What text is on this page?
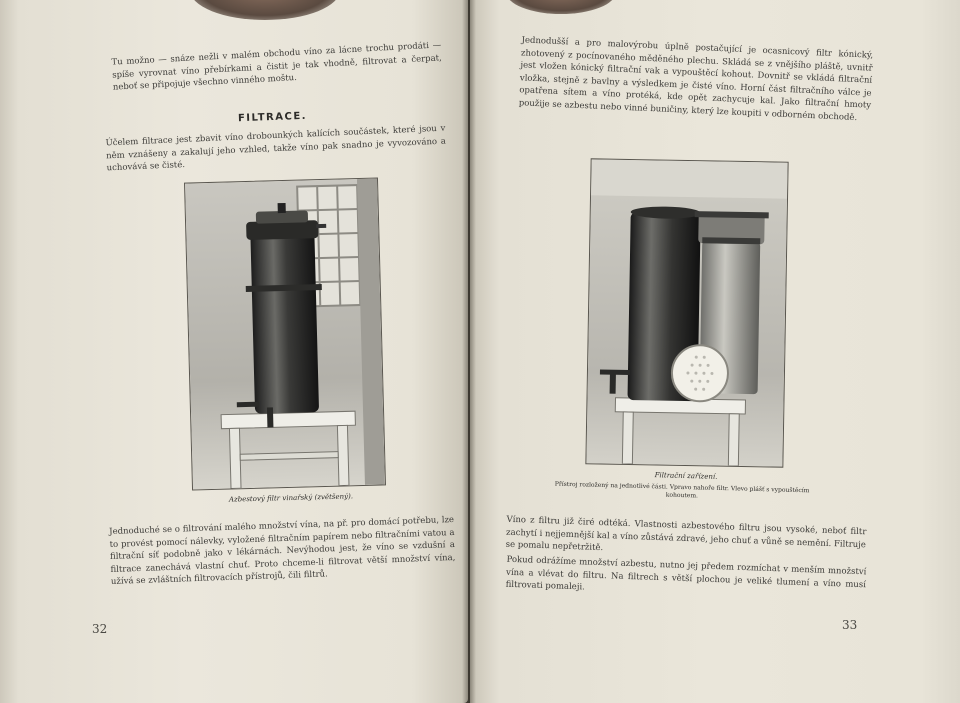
Tu možno — snáze nežli v malém obchodu víno za lácne trochu prodáti — spíše vyrovnat víno přebírkami a čistit je tak vhodně, filtrovat a čerpat, neboť se připojuje všechno vinného moštu.

FILTRACE.

Účelem filtrace jest zbavit víno drobounkých kalících součástek, které jsou v něm vznášeny a zakalují jeho vzhled, takže víno pak snadno je vyvozováno a uchovává se čisté.

Azbestový filtr vinařský (zvětšený).

Jednoduché se o filtrování malého množství vína, na př. pro domácí potřebu, lze to provést pomocí nálevky, vyložené filtračním papírem nebo filtračními vatou a filtrační síť podobně jako v lékárnách. Nevýhodou jest, že víno se vzdušní a filtrace zanechává vlastní chuť. Proto chceme-li filtrovat větší množství vína, užívá se zvláštních filtrovacích přístrojů, čili filtrů.

32

Jednodušší a pro malovýrobu úplně postačující je ocasnicový filtr kónický, zhotovený z pocínovaného měděného plechu. Skládá se z vnějšího pláště, uvnitř jest vložen kónický filtrační vak a vypouštěcí kohout. Dovnitř se vkládá filtrační vložka, stejně z bavlny a výsledkem je čisté víno. Horní část filtračního válce je opatřena sítem a víno protéká, kde opět zachycuje kal. Jako filtrační hmoty použije se azbestu nebo vinné buničiny, který lze koupiti v odborném obchodě.

Filtrační zařízení.

Přístroj rozložený na jednotlivé části. Vpravo nahoře filtr. Vlevo plášť s vypouštěcím kohoutem.

Víno z filtru již čiré odtéká. Vlastnosti azbestového filtru jsou vysoké, neboť filtr zachytí i nejjemnější kal a víno zůstává zdravé, jeho chuť a vůně se nemění. Filtruje se pomalu nepřetržitě.

Pokud odrážíme množství azbestu, nutno jej předem rozmíchat v menším množství vína a vlévat do filtru. Na filtrech s větší plochou je veliké tlumení a víno musí filtrovati pomaleji.

33
